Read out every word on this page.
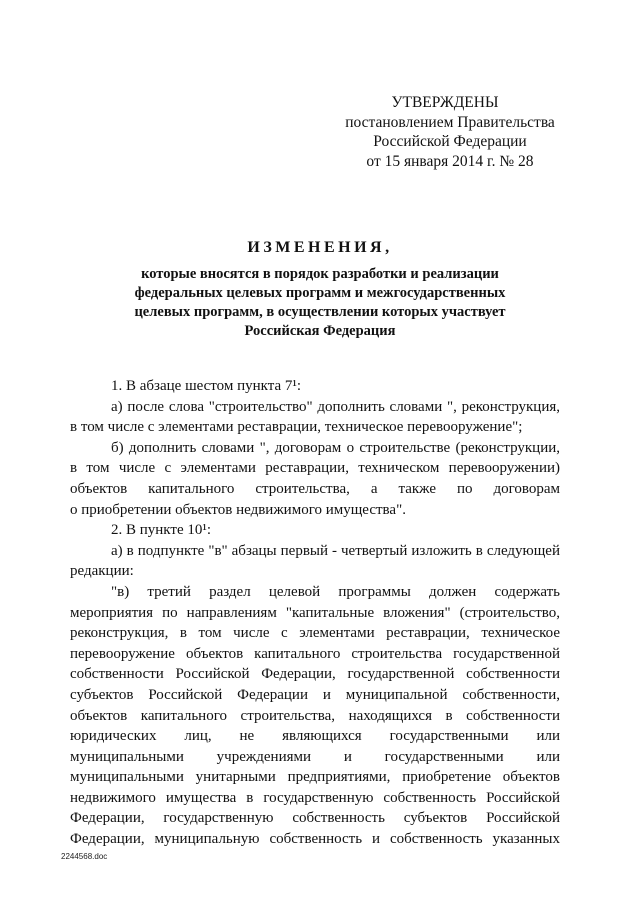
УТВЕРЖДЕНЫ
постановлением Правительства
Российской Федерации
от 15 января 2014 г. № 28
ИЗМЕНЕНИЯ,
которые вносятся в порядок разработки и реализации
федеральных целевых программ и межгосударственных
целевых программ, в осуществлении которых участвует
Российская Федерация
1. В абзаце шестом пункта 7¹:
а) после слова "строительство" дополнить словами ", реконструкция,
в том числе с элементами реставрации, техническое перевооружение";
б) дополнить словами ", договорам о строительстве (реконструкции,
в том числе с элементами реставрации, техническом перевооружении)
объектов капитального строительства, а также по договорам
о приобретении объектов недвижимого имущества".
2. В пункте 10¹:
а) в подпункте "в" абзацы первый - четвертый изложить в следующей
редакции:
"в) третий раздел целевой программы должен содержать
мероприятия по направлениям "капитальные вложения" (строительство,
реконструкция, в том числе с элементами реставрации, техническое
перевооружение объектов капитального строительства государственной
собственности Российской Федерации, государственной собственности
субъектов Российской Федерации и муниципальной собственности,
объектов капитального строительства, находящихся в собственности
юридических лиц, не являющихся государственными или
муниципальными учреждениями и государственными или
муниципальными унитарными предприятиями, приобретение объектов
недвижимого имущества в государственную собственность Российской
Федерации, государственную собственность субъектов Российской
Федерации, муниципальную собственность и собственность указанных
2244568.doc
